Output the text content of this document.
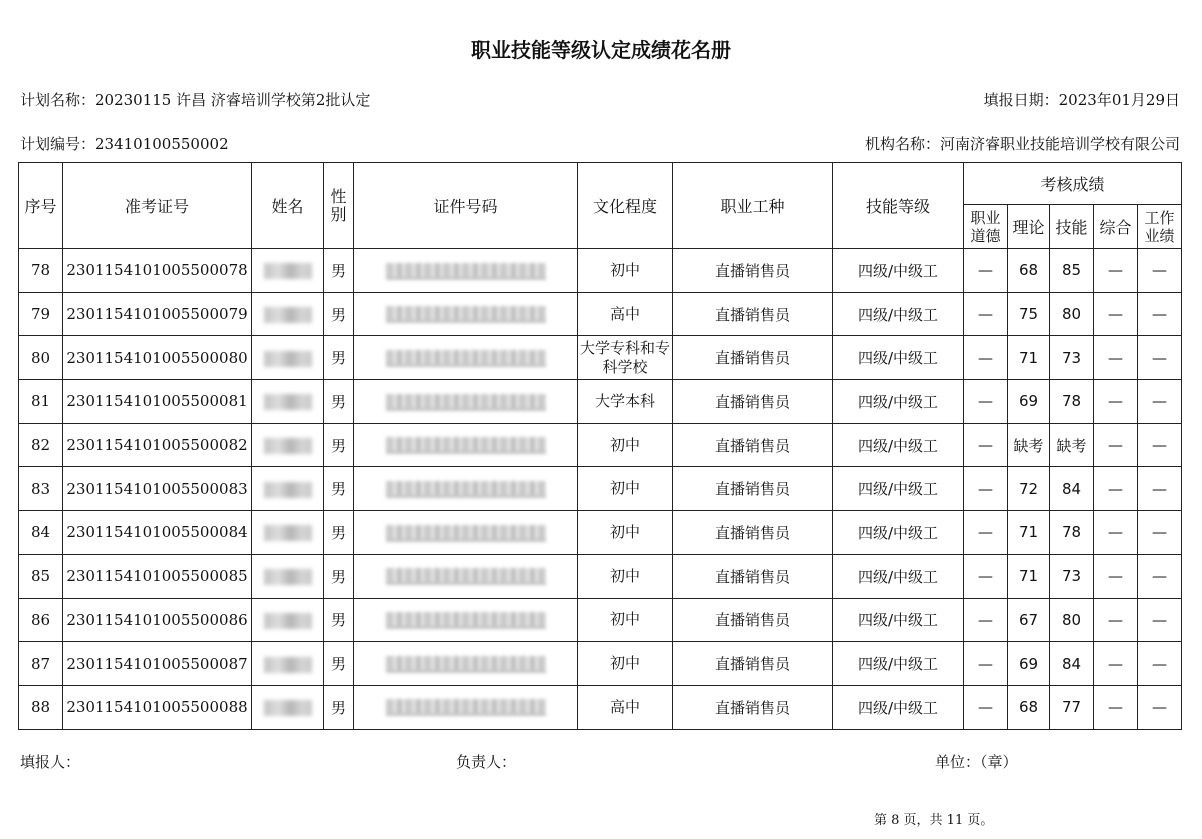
职业技能等级认定成绩花名册
计划名称：20230115 许昌 济睿培训学校第2批认定	填报日期：2023年01月29日
计划编号：23410100550002	机构名称：河南济睿职业技能培训学校有限公司
序号	准考证号	姓名	性别	证件号码	文化程度	职业工种	技能等级	考核成绩				
								职业道德	理论	技能	综合	工作业绩
78	2301154101005500078		男		初中	直播销售员	四级/中级工	—	68	85	—	—
79	2301154101005500079		男		高中	直播销售员	四级/中级工	—	75	80	—	—
80	2301154101005500080		男		大学专科和专科学校	直播销售员	四级/中级工	—	71	73	—	—
81	2301154101005500081		男		大学本科	直播销售员	四级/中级工	—	69	78	—	—
82	2301154101005500082		男		初中	直播销售员	四级/中级工	—	缺考	缺考	—	—
83	2301154101005500083		男		初中	直播销售员	四级/中级工	—	72	84	—	—
84	2301154101005500084		男		初中	直播销售员	四级/中级工	—	71	78	—	—
85	2301154101005500085		男		初中	直播销售员	四级/中级工	—	71	73	—	—
86	2301154101005500086		男		初中	直播销售员	四级/中级工	—	67	80	—	—
87	2301154101005500087		男		初中	直播销售员	四级/中级工	—	69	84	—	—
88	2301154101005500088		男		高中	直播销售员	四级/中级工	—	68	77	—	—
填报人：	负责人：	单位：（章）
第 8 页，共 11 页。
